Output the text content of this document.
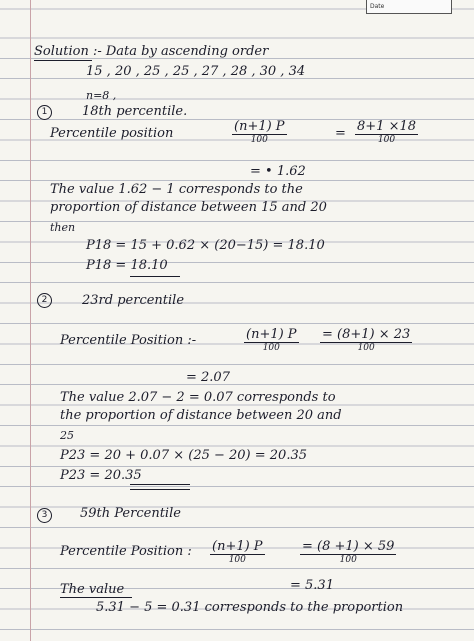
Date
Solution :- Data by ascending order
15 , 20 , 25 , 25 , 27 , 28 , 30 , 34
n=8 ,
1	18th percentile.
Percentile position	$\frac{(n+1) P}{100}$	= $\frac{8+1 \times 18}{100}$
= • 1.62
The value 1.62 − 1 corresponds to the
proportion of distance between 15 and 20
then
P18 = 15 + 0.62 × (20−15) = 18.10
P18 = 18.10
2	23rd percentile
Percentile Position :-	$\frac{(n+1) P}{100} \frac{= (8+1) \times 23}{100}$
= 2.07
The value 2.07 − 2 = 0.07 corresponds to
the proportion of distance between 20 and
25
P23 = 20 + 0.07 × (25 − 20) = 20.35
P23 = 20.35
3	59th Percentile
Percentile Position : $\frac{(n+1) P}{100}$	$\frac{= (8 +1) \times 59}{100}$
The value	= 5.31
5.31 − 5 = 0.31 corresponds to the proportion
